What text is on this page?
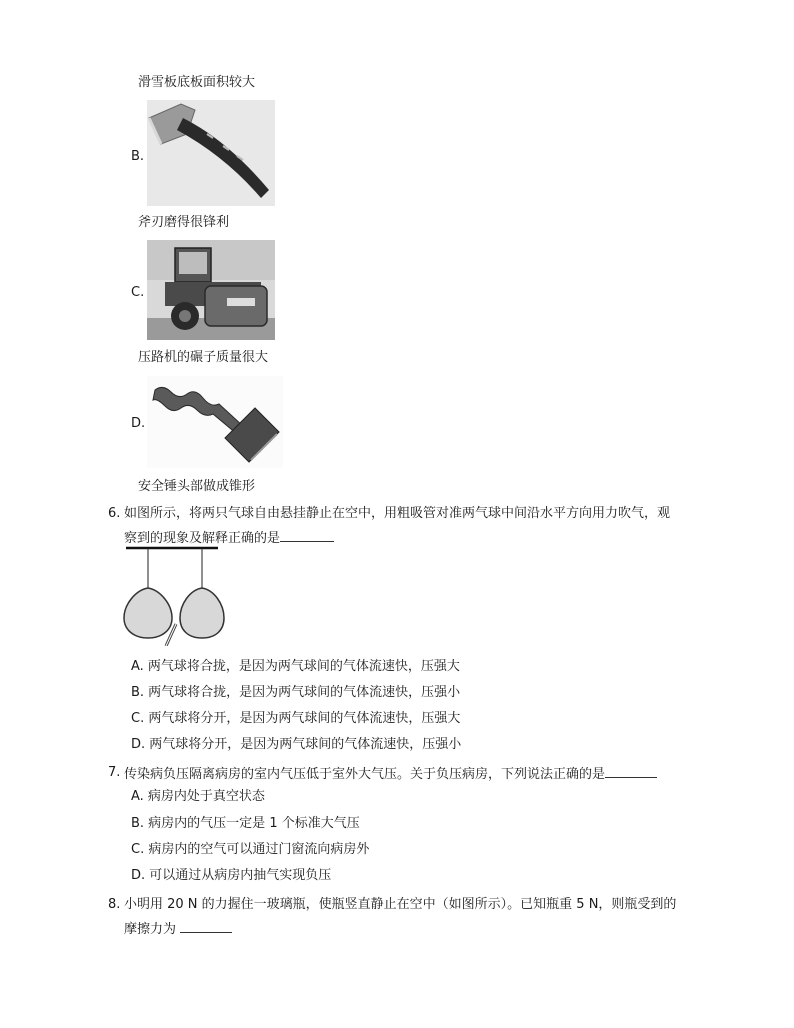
滑雪板底板面积较大
B.
斧刃磨得很锋利
C.
压路机的碾子质量很大
D.
安全锤头部做成锥形
6. 如图所示，将两只气球自由悬挂静止在空中，用粗吸管对准两气球中间沿水平方向用力吹气，观
察到的现象及解释正确的是
A. 两气球将合拢，是因为两气球间的气体流速快，压强大
B. 两气球将合拢，是因为两气球间的气体流速快，压强小
C. 两气球将分开，是因为两气球间的气体流速快，压强大
D. 两气球将分开，是因为两气球间的气体流速快，压强小
7. 传染病负压隔离病房的室内气压低于室外大气压。关于负压病房，下列说法正确的是
A. 病房内处于真空状态
B. 病房内的气压一定是 1 个标准大气压
C. 病房内的空气可以通过门窗流向病房外
D. 可以通过从病房内抽气实现负压
8. 小明用 20 N 的力握住一玻璃瓶，使瓶竖直静止在空中（如图所示）。已知瓶重 5 N，则瓶受到的
摩擦力为
